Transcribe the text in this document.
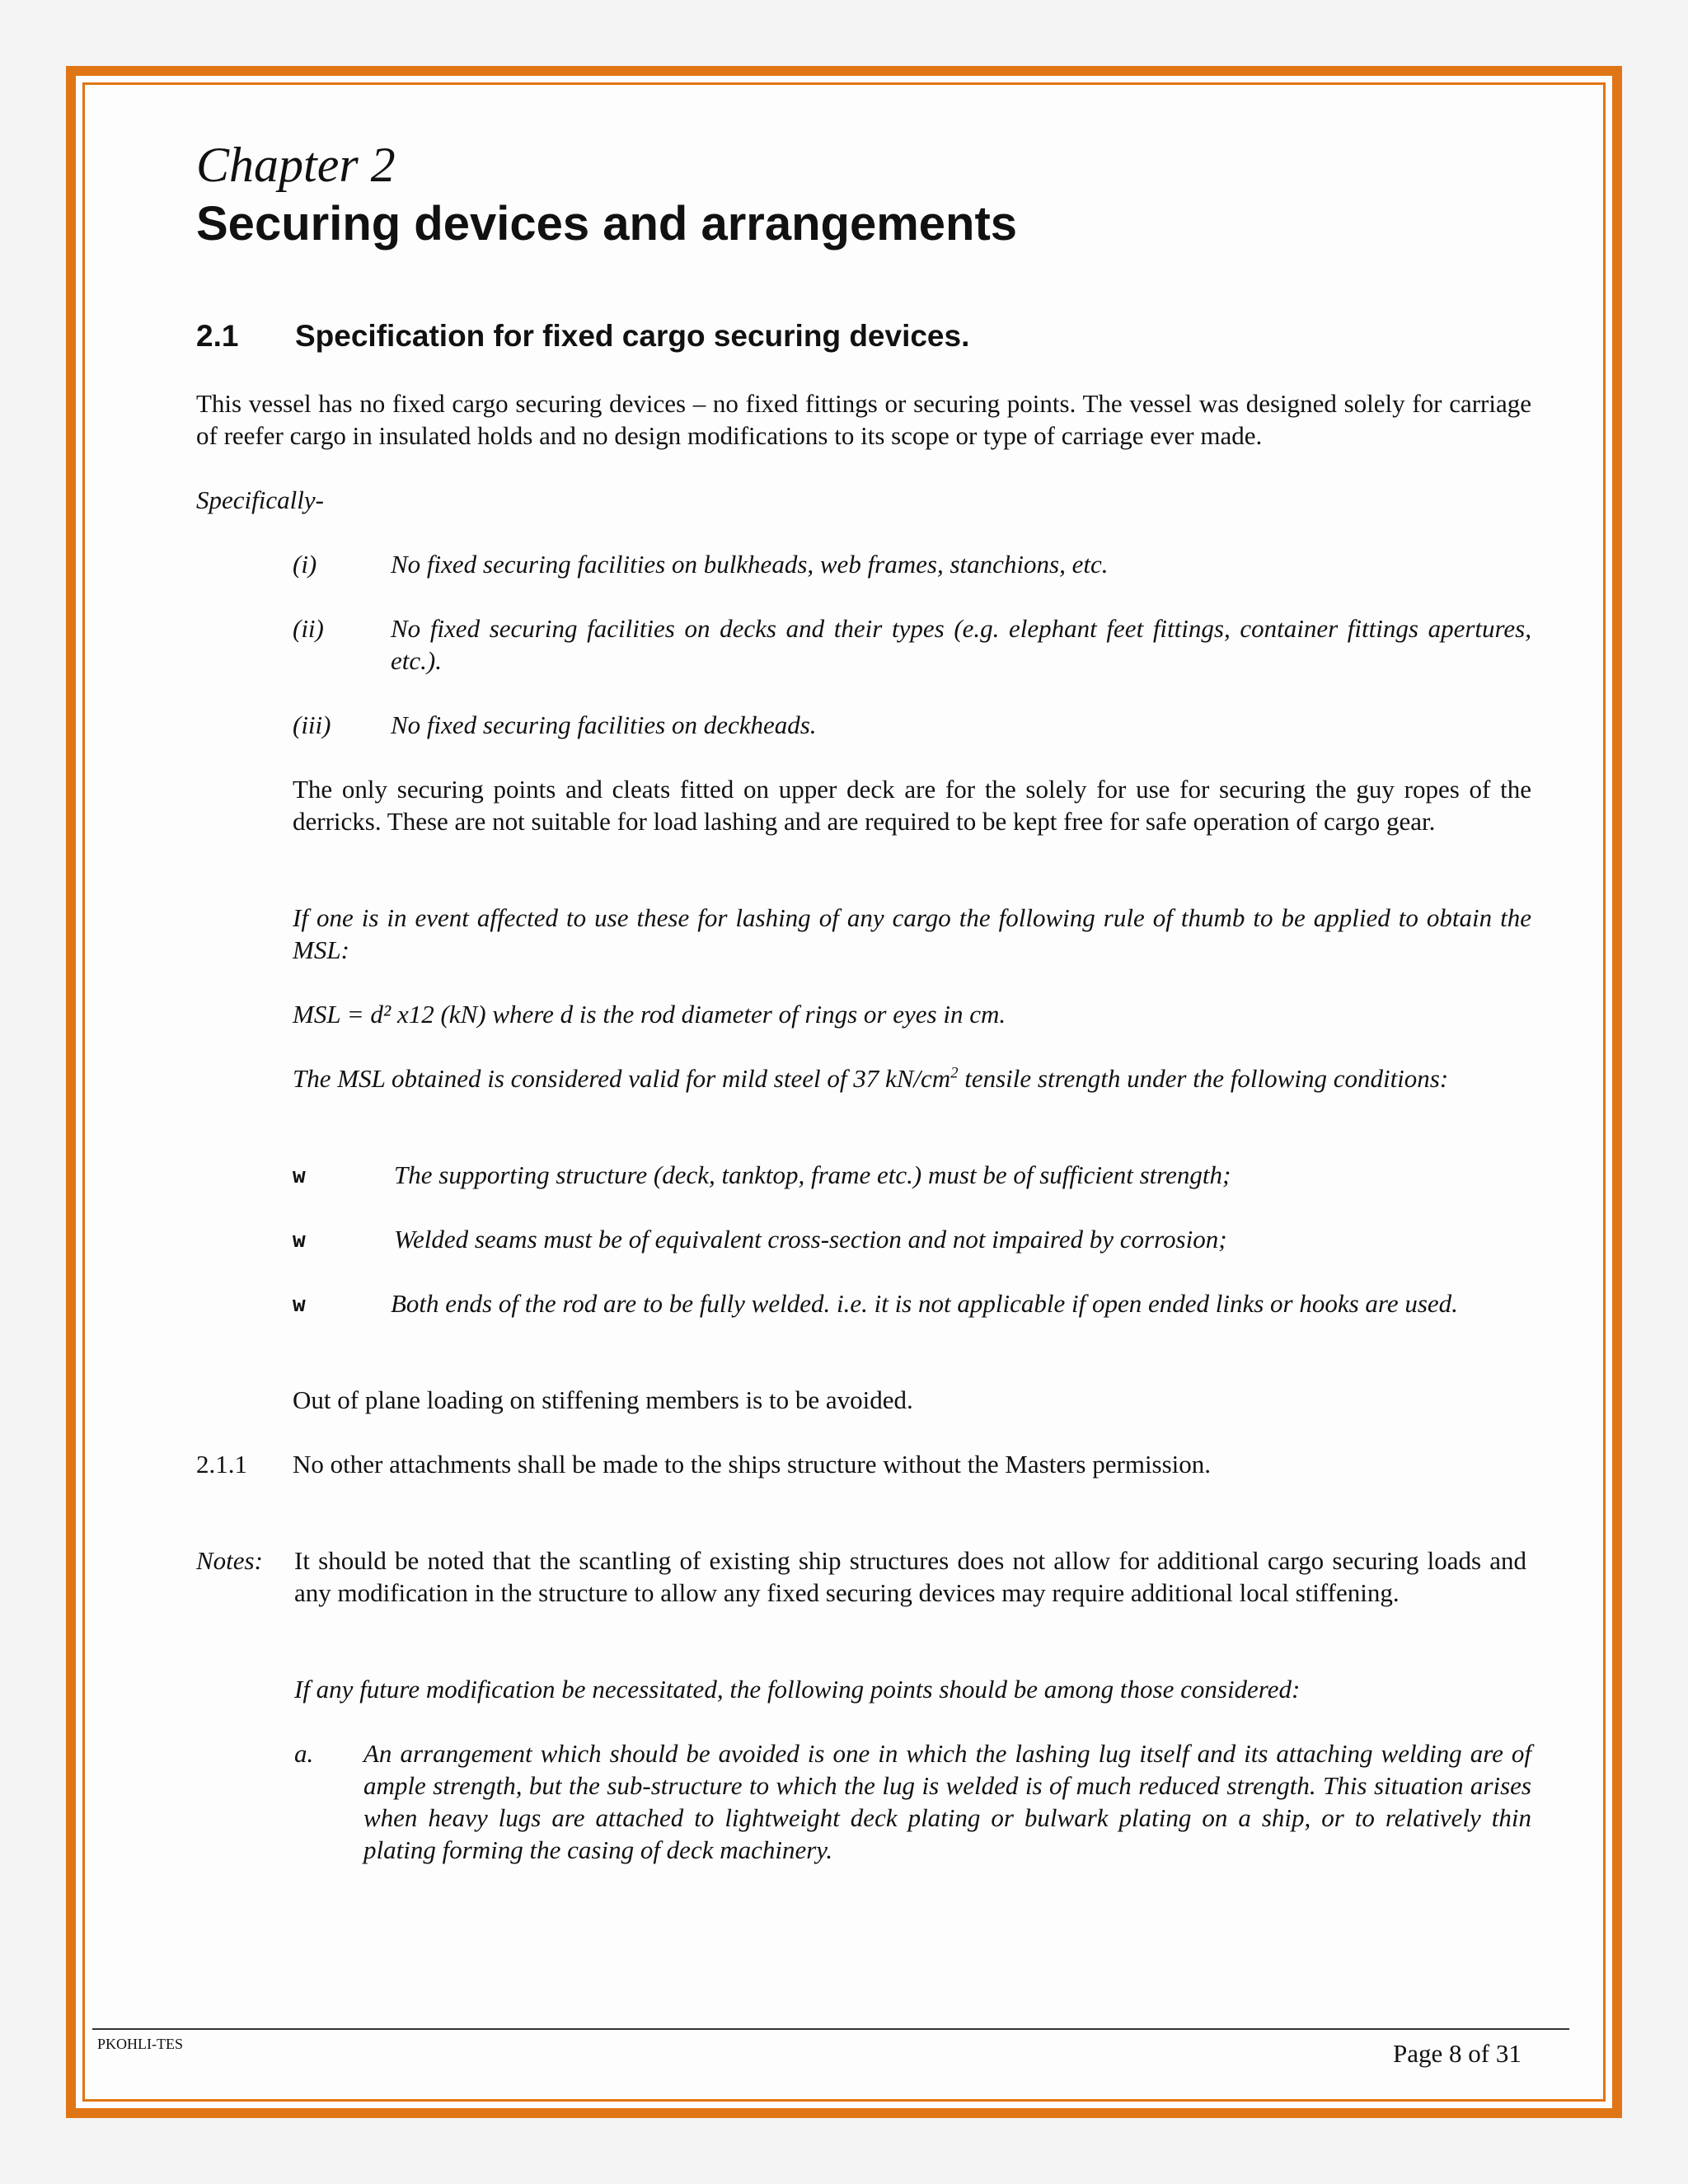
Chapter 2
Securing devices and arrangements
2.1 Specification for fixed cargo securing devices.
This vessel has no fixed cargo securing devices – no fixed fittings or securing points. The vessel was designed solely for carriage of reefer cargo in insulated holds and no design modifications to its scope or type of carriage ever made.
Specifically-
(i)	No fixed securing facilities on bulkheads, web frames, stanchions, etc.
(ii)	No fixed securing facilities on decks and their types (e.g. elephant feet fittings, container fittings apertures, etc.).
(iii) No fixed securing facilities on deckheads.
The only securing points and cleats fitted on upper deck are for the solely for use for securing the guy ropes of the derricks. These are not suitable for load lashing and are required to be kept free for safe operation of cargo gear.
If one is in event affected to use these for lashing of any cargo the following rule of thumb to be applied to obtain the MSL:
MSL = d² x12 (kN) where d is the rod diameter of rings or eyes in cm.
The MSL obtained is considered valid for mild steel of 37 $kN/cm^2$ tensile strength under the following conditions:
w	The supporting structure (deck, tanktop, frame etc.) must be of sufficient strength;
w	Welded seams must be of equivalent cross-section and not impaired by corrosion;
w	Both ends of the rod are to be fully welded. i.e. it is not applicable if open ended links or hooks are used.
Out of plane loading on stiffening members is to be avoided.
2.1.1 No other attachments shall be made to the ships structure without the Masters permission.
Notes: It should be noted that the scantling of existing ship structures does not allow for additional cargo securing loads and any modification in the structure to allow any fixed securing devices may require additional local stiffening.
If any future modification be necessitated, the following points should be among those considered:
a. An arrangement which should be avoided is one in which the lashing lug itself and its attaching welding are of ample strength, but the sub-structure to which the lug is welded is of much reduced strength. This situation arises when heavy lugs are attached to lightweight deck plating or bulwark plating on a ship, or to relatively thin plating forming the casing of deck machinery.
PKOHLI-TES	Page 8 of 31
